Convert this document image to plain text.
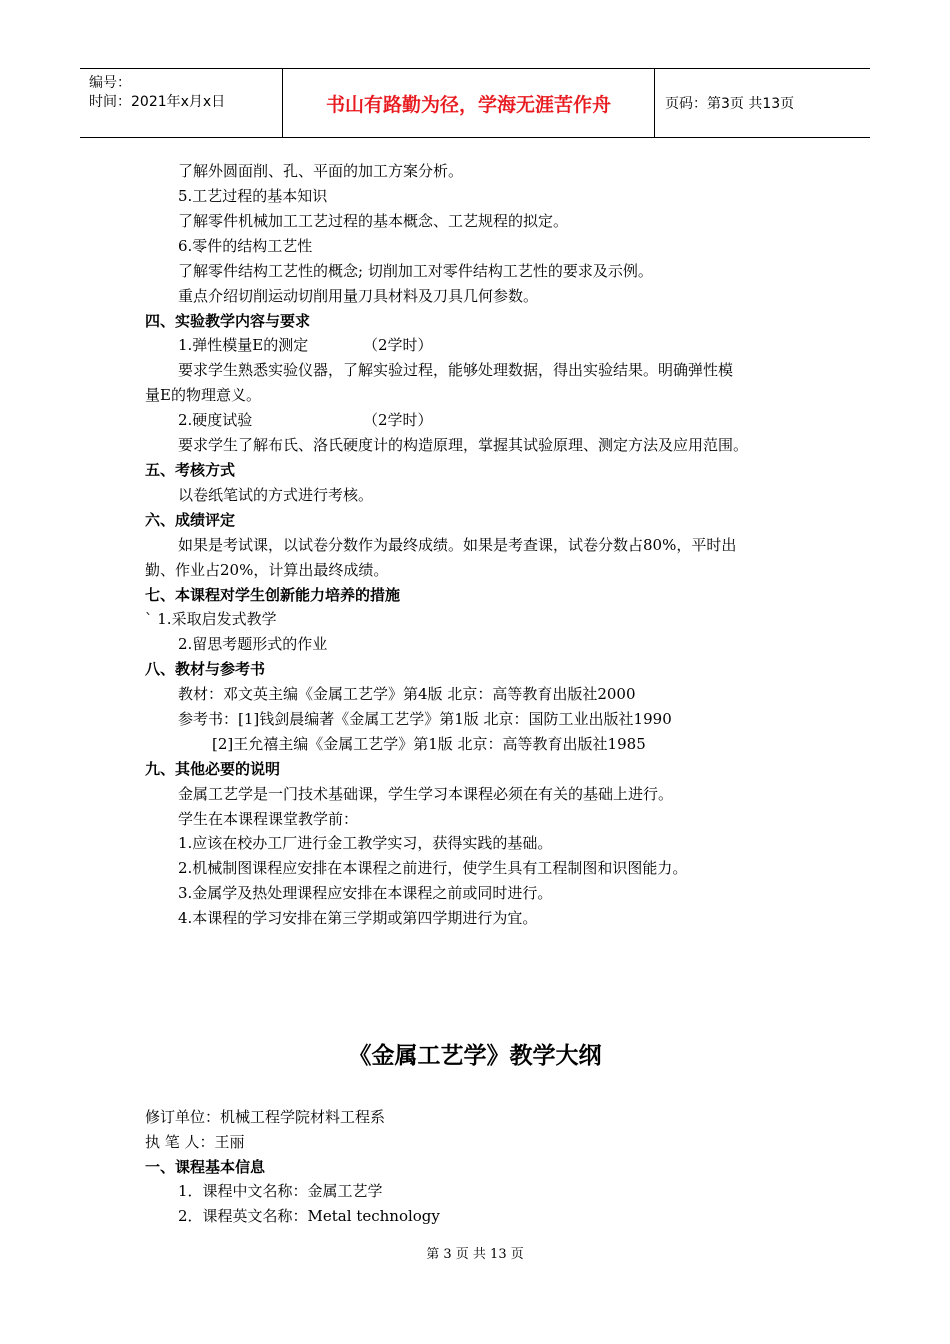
编号：
时间：2021年x月x日	书山有路勤为径，学海无涯苦作舟	页码：第3页 共13页
了解外圆面削、孔、平面的加工方案分析。
5.工艺过程的基本知识
了解零件机械加工工艺过程的基本概念、工艺规程的拟定。
6.零件的结构工艺性
了解零件结构工艺性的概念; 切削加工对零件结构工艺性的要求及示例。
重点介绍切削运动切削用量刀具材料及刀具几何参数。
四、实验教学内容与要求
1.弹性模量E的测定	（2学时）
要求学生熟悉实验仪器，了解实验过程，能够处理数据，得出实验结果。明确弹性模
量E的物理意义。
2.硬度试验	（2学时）
要求学生了解布氏、洛氏硬度计的构造原理，掌握其试验原理、测定方法及应用范围。
五、考核方式
以卷纸笔试的方式进行考核。
六、成绩评定
如果是考试课，以试卷分数作为最终成绩。如果是考查课，试卷分数占80%，平时出
勤、作业占20%，计算出最终成绩。
七、本课程对学生创新能力培养的措施
` 1.采取启发式教学
2.留思考题形式的作业
八、教材与参考书
教材：邓文英主编《金属工艺学》第4版 北京：高等教育出版社2000
参考书：[1]钱剑晨编著《金属工艺学》第1版 北京：国防工业出版社1990
[2]王允禧主编《金属工艺学》第1版 北京：高等教育出版社1985
九、其他必要的说明
金属工艺学是一门技术基础课，学生学习本课程必须在有关的基础上进行。
学生在本课程课堂教学前：
1.应该在校办工厂进行金工教学实习，获得实践的基础。
2.机械制图课程应安排在本课程之前进行，使学生具有工程制图和识图能力。
3.金属学及热处理课程应安排在本课程之前或同时进行。
4.本课程的学习安排在第三学期或第四学期进行为宜。
《金属工艺学》教学大纲
修订单位：机械工程学院材料工程系
执 笔 人：王丽
一、课程基本信息
1．课程中文名称：金属工艺学
2．课程英文名称：Metal technology
第 3 页 共 13 页
